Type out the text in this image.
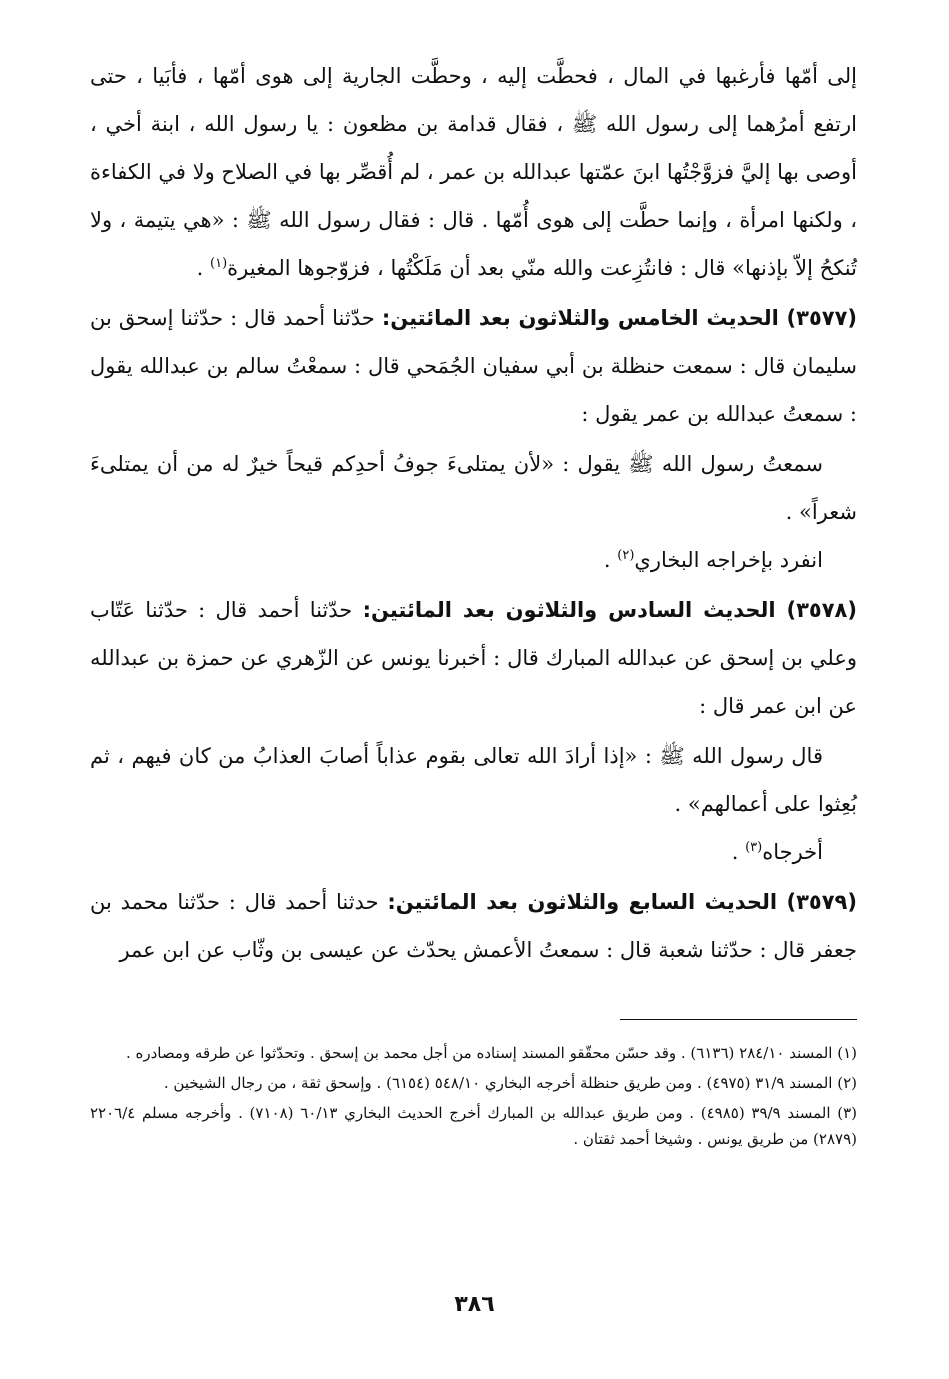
إلى أمّها فأرغبها في المال ، فحطَّت إليه ، وحطَّت الجارية إلى هوى أمّها ، فأبَيا ، حتى ارتفع أمرُهما إلى رسول الله ﷺ ، فقال قدامة بن مظعون : يا رسول الله ، ابنة أخي ، أوصى بها إليَّ فزوَّجْتُها ابنَ عمّتها عبدالله بن عمر ، لم أُقصِّر بها في الصلاح ولا في الكفاءة ، ولكنها امرأة ، وإنما حطَّت إلى هوى أُمّها . قال : فقال رسول الله ﷺ : «هي يتيمة ، ولا تُنكحُ إلاّ بإذنها» قال : فانتُزِعت والله منّي بعد أن مَلَكْتُها ، فزوّجوها المغيرة$^{(١)}$ .

(٣٥٧٧) الحديث الخامس والثلاثون بعد المائتين: حدّثنا أحمد قال : حدّثنا إسحق بن سليمان قال : سمعت حنظلة بن أبي سفيان الجُمَحي قال : سمعْتُ سالم بن عبدالله يقول : سمعتُ عبدالله بن عمر يقول :

سمعتُ رسول الله ﷺ يقول : «لأن يمتلىءَ جوفُ أحدِكم قيحاً خيرٌ له من أن يمتلىءَ شعراً» .

انفرد بإخراجه البخاري$^{(٢)}$ .

(٣٥٧٨) الحديث السادس والثلاثون بعد المائتين: حدّثنا أحمد قال : حدّثنا عَتّاب وعلي بن إسحق عن عبدالله المبارك قال : أخبرنا يونس عن الزّهري عن حمزة بن عبدالله عن ابن عمر قال :

قال رسول الله ﷺ : «إذا أرادَ الله تعالى بقوم عذاباً أصابَ العذابُ من كان فيهم ، ثم بُعِثوا على أعمالهم» .

أخرجاه$^{(٣)}$ .

(٣٥٧٩) الحديث السابع والثلاثون بعد المائتين: حدثنا أحمد قال : حدّثنا محمد بن جعفر قال : حدّثنا شعبة قال : سمعتُ الأعمش يحدّث عن عيسى بن وثّاب عن ابن عمر

(١) المسند ٢٨٤/١٠ (٦١٣٦) . وقد حسّن محقّقو المسند إسناده من أجل محمد بن إسحق . وتحدّثوا عن طرقه ومصادره .

(٢) المسند ٣١/٩ (٤٩٧٥) . ومن طريق حنظلة أخرجه البخاري ٥٤٨/١٠ (٦١٥٤) . وإسحق ثقة ، من رجال الشيخين .

(٣) المسند ٣٩/٩ (٤٩٨٥) . ومن طريق عبدالله بن المبارك أخرج الحديث البخاري ٦٠/١٣ (٧١٠٨) . وأخرجه مسلم ٢٢٠٦/٤ (٢٨٧٩) من طريق يونس . وشيخا أحمد ثقتان .

٣٨٦
